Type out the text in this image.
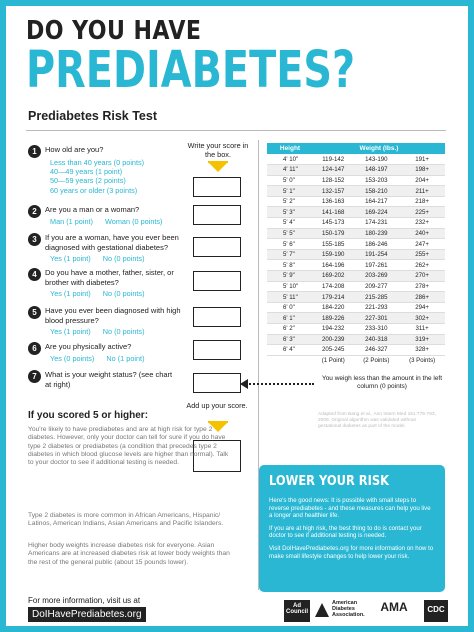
DO YOU HAVE
PREDIABETES?
Prediabetes Risk Test
Write your score in the box.
1	How old are you?
Less than 40 years (0 points)
40—49 years (1 point)
50—59 years (2 points)
60 years or older (3 points)
2	Are you a man or a woman?
Man (1 point) Woman (0 points)
3	If you are a woman, have you ever been diagnosed with gestational diabetes?
Yes (1 point) No (0 points)
4	Do you have a mother, father, sister, or brother with diabetes?
Yes (1 point) No (0 points)
5	Have you ever been diagnosed with high blood pressure?
Yes (1 point) No (0 points)
6	Are you physically active?
Yes (0 points) No (1 point)
7	What is your weight status? (see chart at right)
Add up your score.
If you scored 5 or higher:
You're likely to have prediabetes and are at high risk for type 2 diabetes. However, only your doctor can tell for sure if you do have type 2 diabetes or prediabetes (a condition that precedes type 2 diabetes in which blood glucose levels are higher than normal). Talk to your doctor to see if additional testing is needed.
Type 2 diabetes is more common in African Americans, Hispanic/ Latinos, American Indians, Asian Americans and Pacific Islanders.
Higher body weights increase diabetes risk for everyone. Asian Americans are at increased diabetes risk at lower body weights than the rest of the general public (about 15 pounds lower).
Height	Weight (lbs.)		
4' 10"	119-142	143-190	191+
4' 11"	124-147	148-197	198+
5' 0"	128-152	153-203	204+
5' 1"	132-157	158-210	211+
5' 2"	136-163	164-217	218+
5' 3"	141-168	169-224	225+
5' 4"	145-173	174-231	232+
5' 5"	150-179	180-239	240+
5' 6"	155-185	186-246	247+
5' 7"	159-190	191-254	255+
5' 8"	164-196	197-261	262+
5' 9"	169-202	203-269	270+
5' 10"	174-208	209-277	278+
5' 11"	179-214	215-285	286+
6' 0"	184-220	221-293	294+
6' 1"	189-226	227-301	302+
6' 2"	194-232	233-310	311+
6' 3"	200-239	240-318	319+
6' 4"	205-245	246-327	328+
	(1 Point)	(2 Points)	(3 Points)
You weigh less than the amount in the left column (0 points)
Adapted from Bang et al., Ann Intern Med 151:775-783, 2009. Original algorithm was validated without gestational diabetes as part of the model.
LOWER YOUR RISK

Here's the good news: It is possible with small steps to reverse prediabetes - and these measures can help you live a longer and healthier life.

If you are at high risk, the best thing to do is contact your doctor to see if additional testing is needed.

Visit DoIHavePrediabetes.org for more information on how to make small lifestyle changes to help lower your risk.

For more information, visit us at
DoIHavePrediabetes.org
Ad Council
American Diabetes Association.
AMA	CDC
